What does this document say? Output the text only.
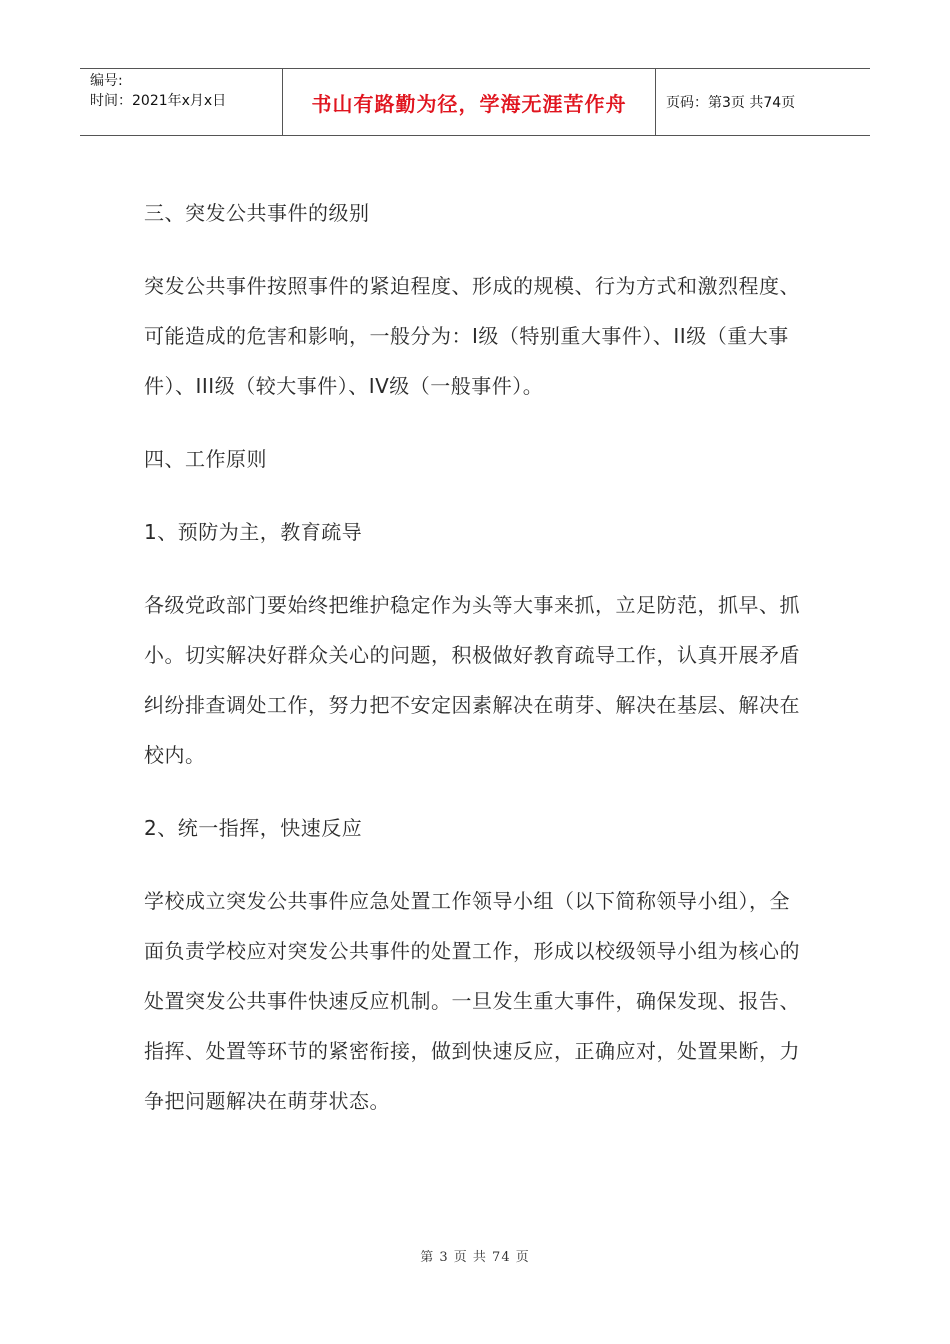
编号:
时间：2021年x月x日	书山有路勤为径，学海无涯苦作舟	页码：第3页 共74页

三、突发公共事件的级别

突发公共事件按照事件的紧迫程度、形成的规模、行为方式和激烈程度、可能造成的危害和影响，一般分为：I级（特别重大事件）、II级（重大事件）、III级（较大事件）、IV级（一般事件）。

四、工作原则

1、预防为主，教育疏导

各级党政部门要始终把维护稳定作为头等大事来抓，立足防范，抓早、抓小。切实解决好群众关心的问题，积极做好教育疏导工作，认真开展矛盾纠纷排查调处工作，努力把不安定因素解决在萌芽、解决在基层、解决在校内。

2、统一指挥，快速反应

学校成立突发公共事件应急处置工作领导小组（以下简称领导小组），全面负责学校应对突发公共事件的处置工作，形成以校级领导小组为核心的处置突发公共事件快速反应机制。一旦发生重大事件，确保发现、报告、指挥、处置等环节的紧密衔接，做到快速反应，正确应对，处置果断，力争把问题解决在萌芽状态。

第 3 页 共 74 页
